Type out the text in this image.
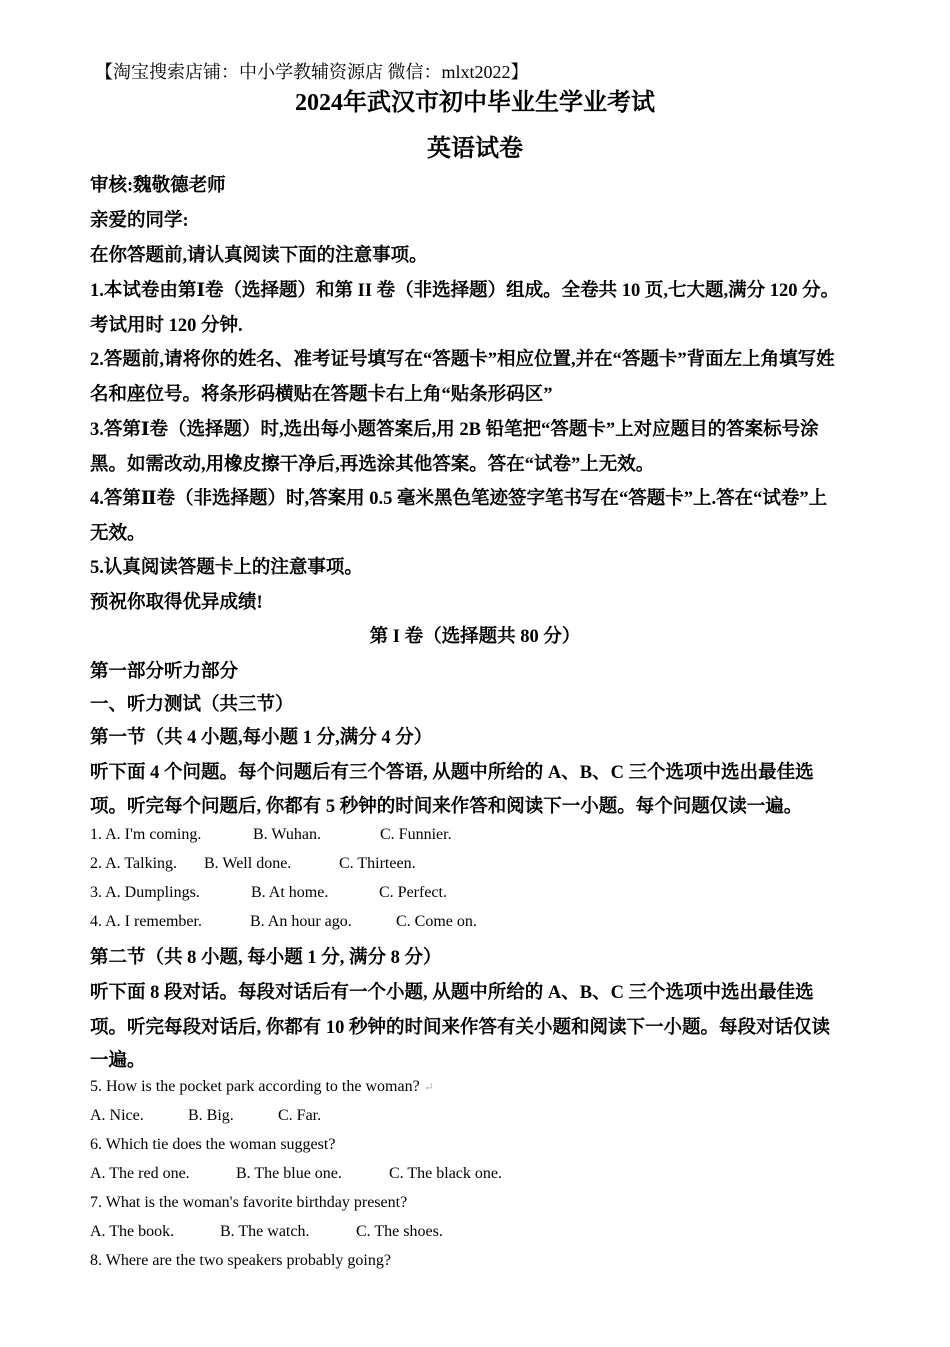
【淘宝搜索店铺：中小学教辅资源店 微信：mlxt2022】
2024年武汉市初中毕业生学业考试
英语试卷
审核:魏敬德老师
亲爱的同学:
在你答题前,请认真阅读下面的注意事项。
1.本试卷由第Ⅰ卷（选择题）和第 II 卷（非选择题）组成。全卷共 10 页,七大题,满分 120 分。
考试用时 120 分钟.
2.答题前,请将你的姓名、准考证号填写在“答题卡”相应位置,并在“答题卡”背面左上角填写姓
名和座位号。将条形码横贴在答题卡右上角“贴条形码区”
3.答第Ⅰ卷（选择题）时,选出每小题答案后,用 2B 铅笔把“答题卡”上对应题目的答案标号涂
黑。如需改动,用橡皮擦干净后,再选涂其他答案。答在“试卷”上无效。
4.答第Ⅱ卷（非选择题）时,答案用 0.5 毫米黑色笔迹签字笔书写在“答题卡”上.答在“试卷”上
无效。
5.认真阅读答题卡上的注意事项。
预祝你取得优异成绩!
第 I 卷（选择题共 80 分）
第一部分听力部分
一、听力测试（共三节）
第一节（共 4 小题,每小题 1 分,满分 4 分）
听下面 4 个问题。每个问题后有三个答语, 从题中所给的 A、B、C 三个选项中选出最佳选
项。听完每个问题后, 你都有 5 秒钟的时间来作答和阅读下一小题。每个问题仅读一遍。
1. A. I'm coming.	B. Wuhan.	C. Funnier.
2. A. Talking. B. Well done.	C. Thirteen.
3. A. Dumplings.	B. At home.	C. Perfect.
4. A. I remember.	B. An hour ago.	C. Come on.
第二节（共 8 小题, 每小题 1 分, 满分 8 分）
听下面 8 段对话。每段对话后有一个小题, 从题中所给的 A、B、C 三个选项中选出最佳选
项。听完每段对话后, 你都有 10 秒钟的时间来作答有关小题和阅读下一小题。每段对话仅读
一遍。
5. How is the pocket park according to the woman? ↵
A. Nice.	B. Big.	C. Far.
6. Which tie does the woman suggest?
A. The red one.	B. The blue one.	C. The black one.
7. What is the woman's favorite birthday present?
A. The book.	B. The watch.	C. The shoes.
8. Where are the two speakers probably going?
